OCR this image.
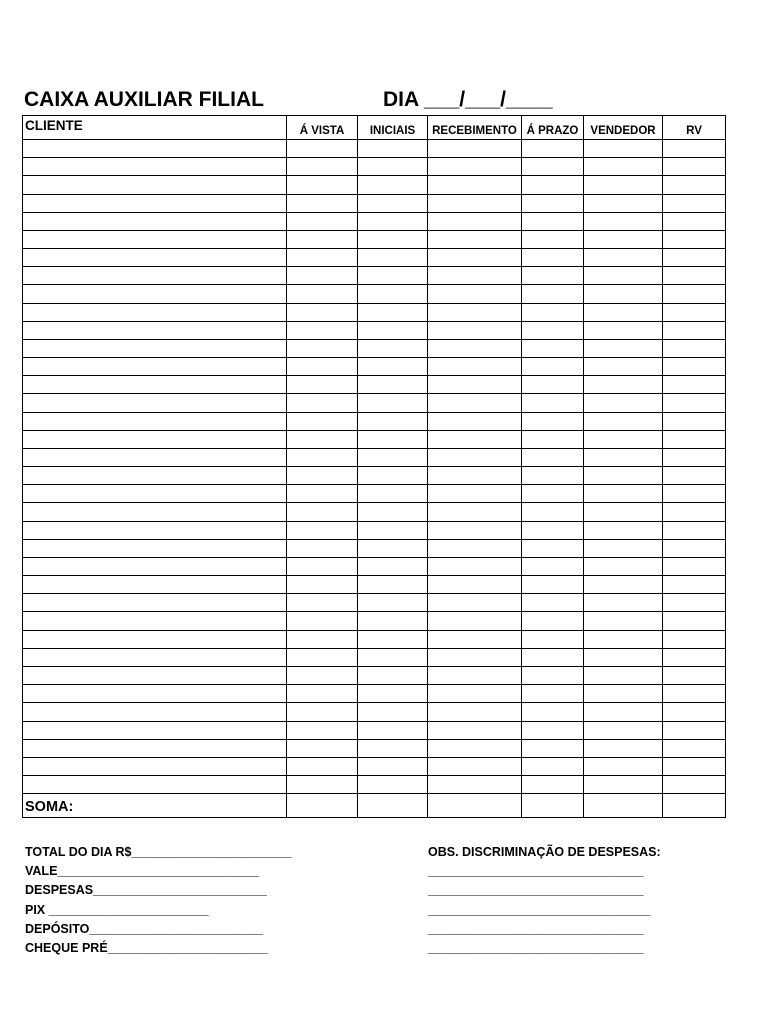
CAIXA AUXILIAR FILIAL	DIA ___/___/____
CLIENTE	Á VISTA	INICIAIS	RECEBIMENTO	Á PRAZO	VENDEDOR	RV

SOMA:						
TOTAL DO DIA R$_______________________
VALE_____________________________
DESPESAS_________________________
PIX _______________________
DEPÓSITO_________________________
CHEQUE PRÉ_______________________
OBS. DISCRIMINAÇÃO DE DESPESAS:
_______________________________
_______________________________
________________________________
_______________________________
_______________________________
